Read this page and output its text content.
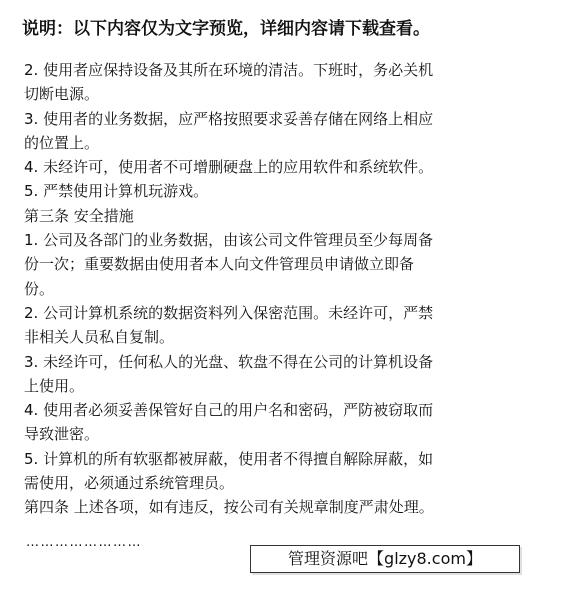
说明：以下内容仅为文字预览，详细内容请下载查看。
2. 使用者应保持设备及其所在环境的清洁。下班时，务必关机
切断电源。
3. 使用者的业务数据，应严格按照要求妥善存储在网络上相应
的位置上。
4. 未经许可，使用者不可增删硬盘上的应用软件和系统软件。
5. 严禁使用计算机玩游戏。
第三条 安全措施
1. 公司及各部门的业务数据，由该公司文件管理员至少每周备
份一次；重要数据由使用者本人向文件管理员申请做立即备
份。
2. 公司计算机系统的数据资料列入保密范围。未经许可，严禁
非相关人员私自复制。
3. 未经许可，任何私人的光盘、软盘不得在公司的计算机设备
上使用。
4. 使用者必须妥善保管好自己的用户名和密码，严防被窃取而
导致泄密。
5. 计算机的所有软驱都被屏蔽，使用者不得擅自解除屏蔽，如
需使用，必须通过系统管理员。
第四条 上述各项，如有违反，按公司有关规章制度严肃处理。
……………………
管理资源吧【glzy8.com】
